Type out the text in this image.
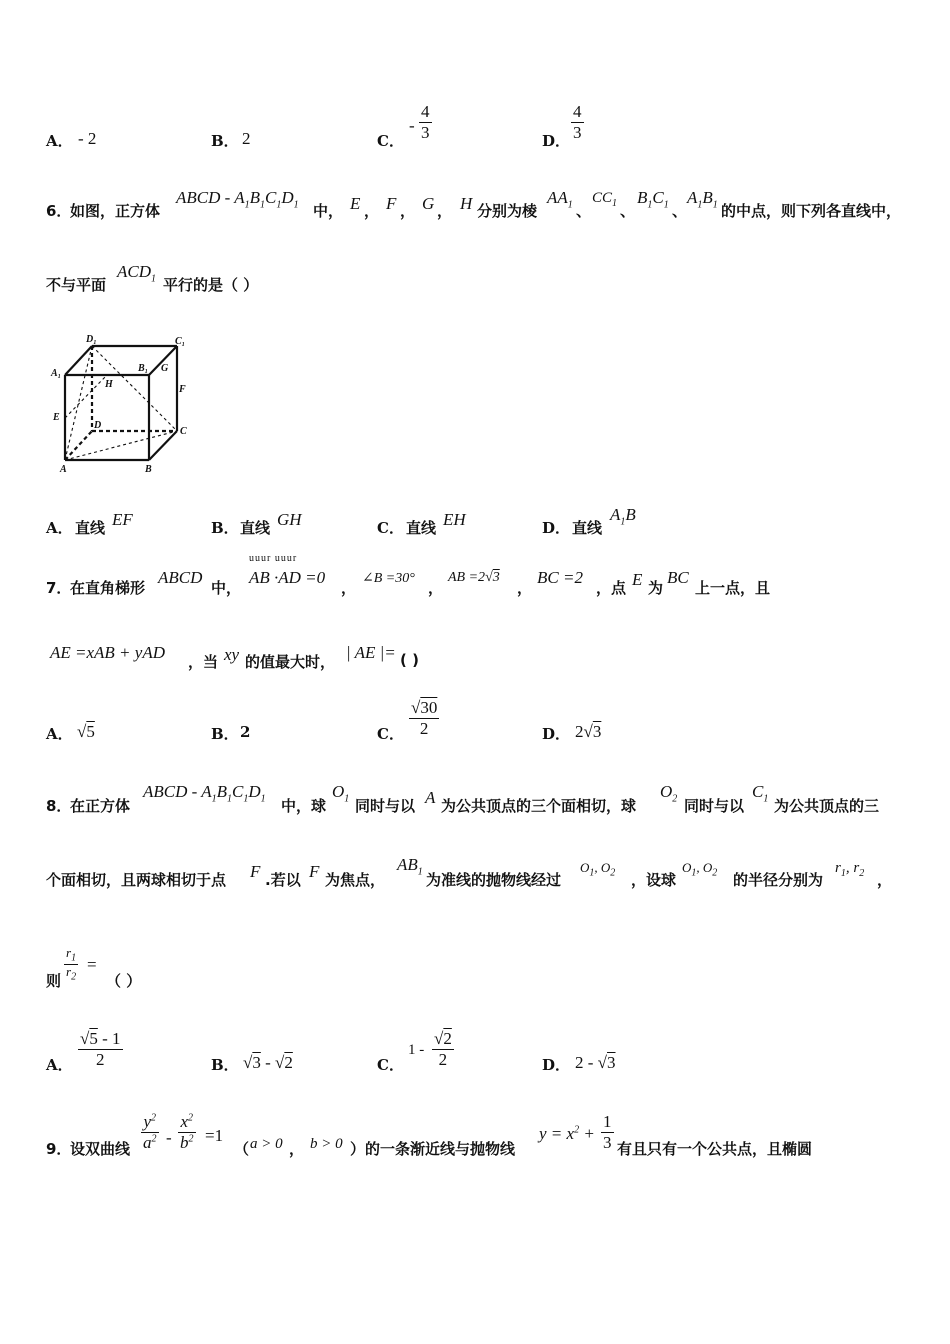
A． - 2	B． 2	C．
- $\frac{4}{3}$	D． $\frac{4}{3}$
6．
如图，正方体
ABCD - $A_1B_1C_1D_1$ 中， E ， F ， G ， H 分别为棱
$AA_1$ 、
$CC_1$ 、
$B_1C_1$ 、
$A_1B_1$ 的中点，则下列各直线中，
不与平面
$ACD_1$ 平行的是（ ）
D₁	C₁
A₁	B₁ G
H	F
E
D
C
A	B
A． 直线 EF	B． 直线 GH	C． 直线 EH	D． 直线
$A_1B$
7．
在直角梯形
ABCD
中，
uuur uuur
AB ·AD =0
，
∠B =30°
，
AB =2√3
，
BC =2
，点 E 为
BC
上一点，且
AE =xAB + yAD ，当 xy 的值最大时， | AE |= ( )
A． √5	B． 2	C． $\frac{√30}{2}$	D． 2√3
8．
在正方体
ABCD - $A_1B_1C_1D_1$ 中，球
$O_1$ 同时与以 A 为公共顶点的三个面相切，球
$O_2$ 同时与以
$C_1$ 为公共顶点的三
个面相切，且两球相切于点 F .若以 F 为焦点，
$AB_1$ 为准线的抛物线经过
$O_1$, $O_2$ ，设球
$O_1$, $O_2$ 的半径分别为
$r_1$, $r_2$ ，
则 $\frac{r_1}{r_2}$ =
（ ）
A． $\frac{√5 - 1}{2}$	B． √3 - √2	C．
$1 - \frac{√2}{2}$	D． 2 - √3
9．
设双曲线 $\frac{y^2}{a^2} - \frac{x^2}{b^2} =1$
（ a > 0 ， b > 0 ）的一条渐近线与抛物线
$y = x^2 + \frac{1}{3}$ 有且只有一个公共点，且椭圆
